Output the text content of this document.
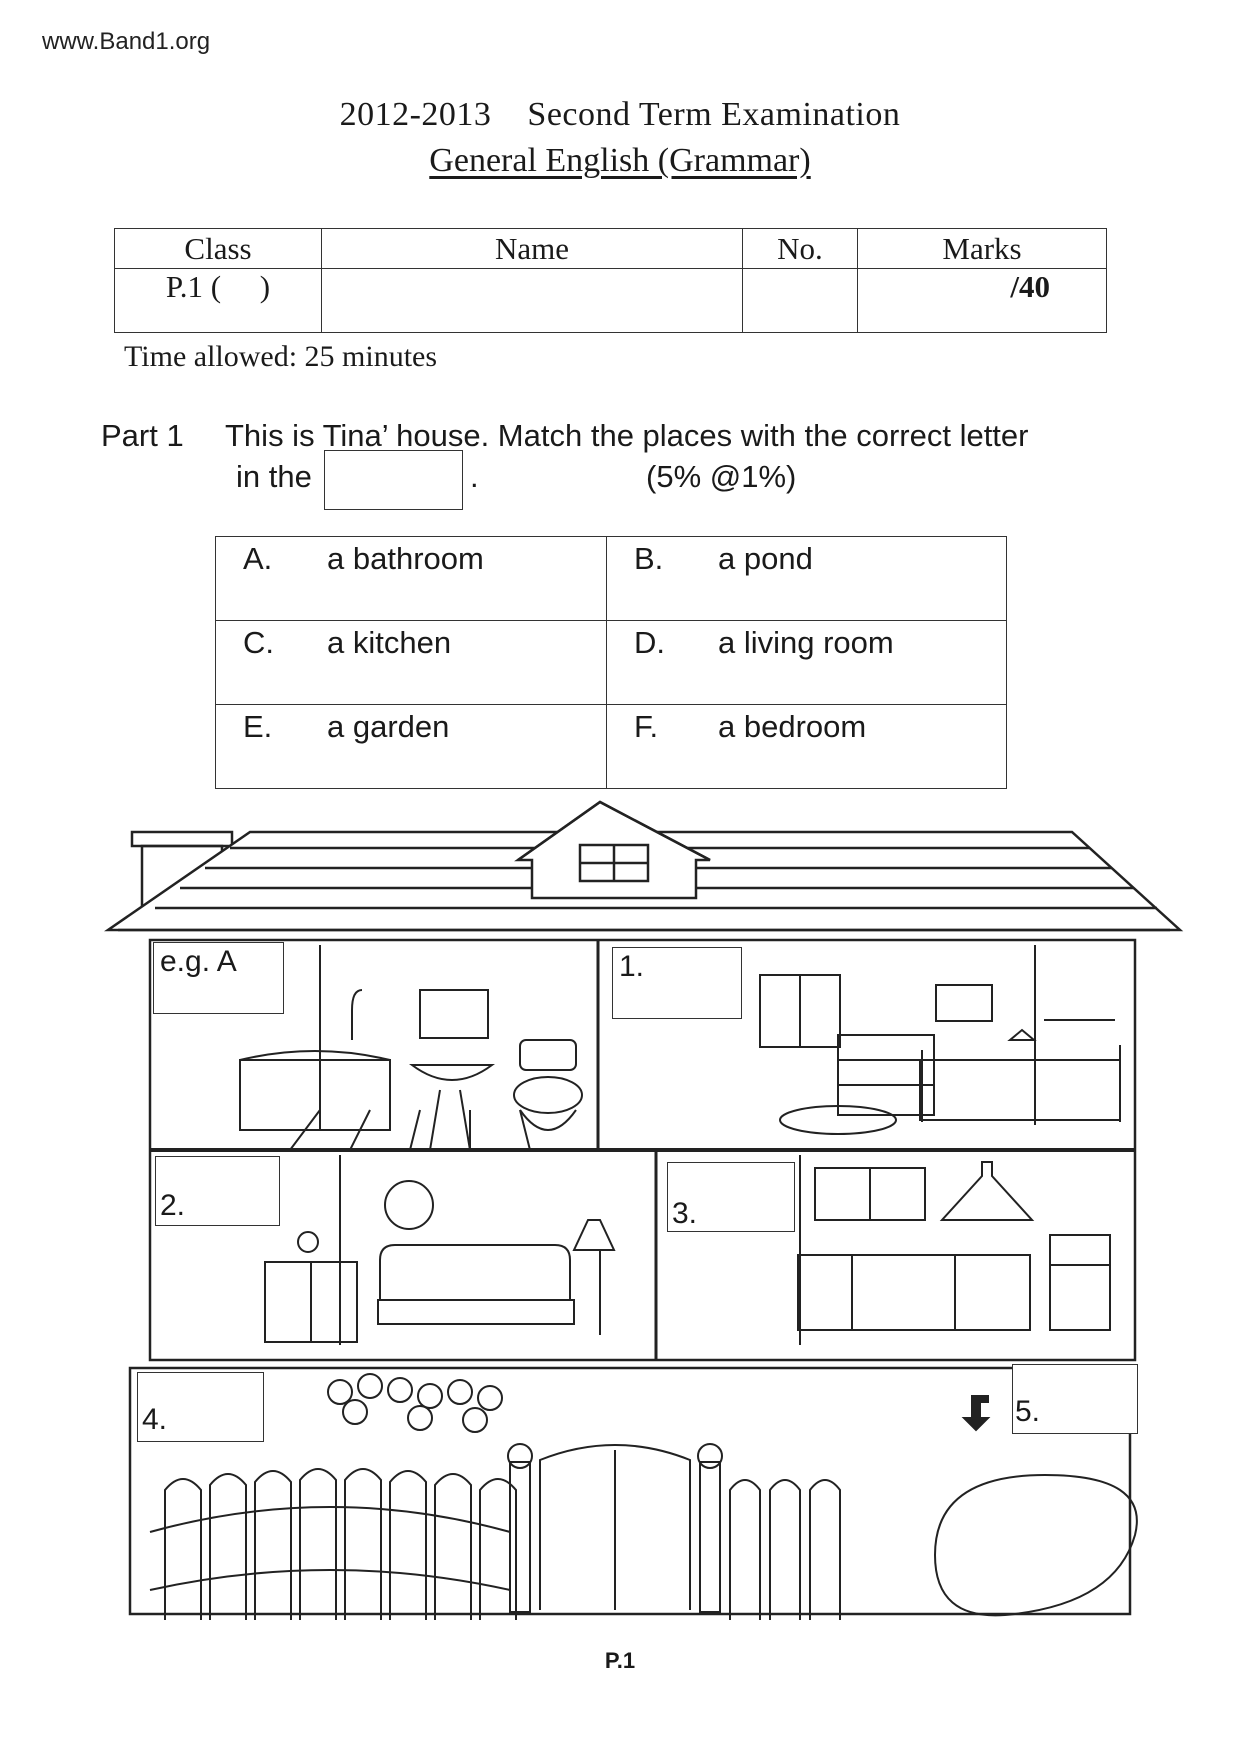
www.Band1.org
2012-2013    Second Term Examination
General English (Grammar)
Class	Name	No.	Marks
P.1 (     )			/40
Time allowed: 25 minutes
Part 1 This is Tina’ house. Match the places with the correct letter
in the	.	(5% @1%)
A. a bathroom	B. a pond
C. a kitchen	D. a living room
E. a garden	F. a bedroom
e.g. A	1.
2.	3.
4.	5.
P.1
